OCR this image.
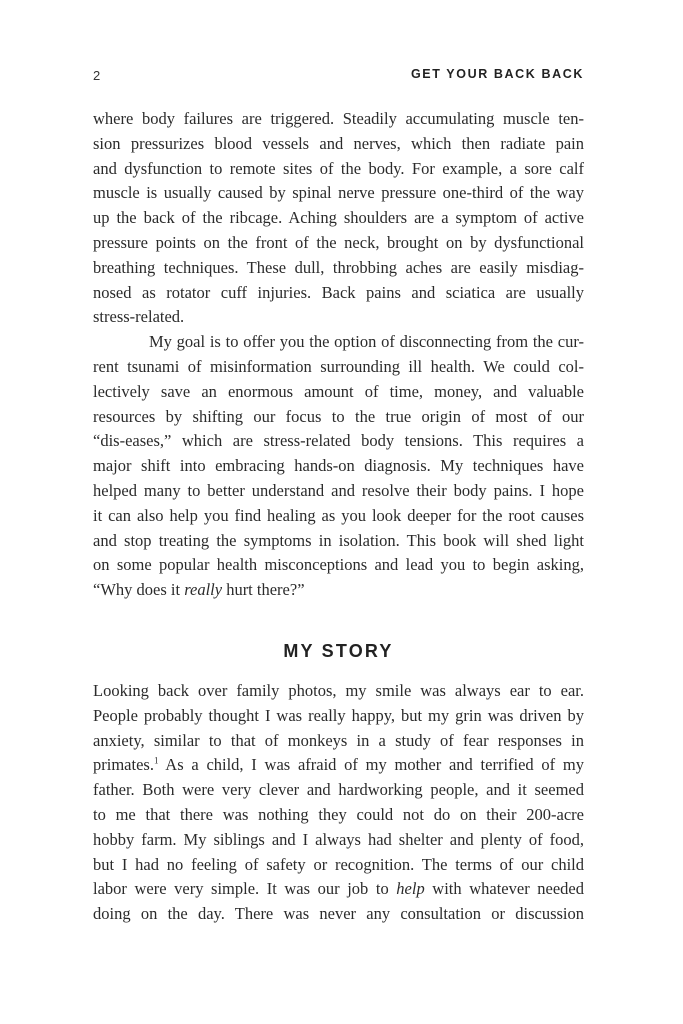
2	GET YOUR BACK BACK

where body failures are triggered. Steadily accumulating muscle ten-
sion pressurizes blood vessels and nerves, which then radiate pain
and dysfunction to remote sites of the body. For example, a sore calf
muscle is usually caused by spinal nerve pressure one-third of the way
up the back of the ribcage. Aching shoulders are a symptom of active
pressure points on the front of the neck, brought on by dysfunctional
breathing techniques. These dull, throbbing aches are easily misdiag-
nosed as rotator cuff injuries. Back pains and sciatica are usually
stress-related.

My goal is to offer you the option of disconnecting from the cur-
rent tsunami of misinformation surrounding ill health. We could col-
lectively save an enormous amount of time, money, and valuable
resources by shifting our focus to the true origin of most of our
“dis-eases,” which are stress-related body tensions. This requires a
major shift into embracing hands-on diagnosis. My techniques have
helped many to better understand and resolve their body pains. I hope
it can also help you find healing as you look deeper for the root causes
and stop treating the symptoms in isolation. This book will shed light
on some popular health misconceptions and lead you to begin asking,
“Why does it really hurt there?”

MY STORY

Looking back over family photos, my smile was always ear to ear.
People probably thought I was really happy, but my grin was driven by
anxiety, similar to that of monkeys in a study of fear responses in
primates.$^1$ As a child, I was afraid of my mother and terrified of my
father. Both were very clever and hardworking people, and it seemed
to me that there was nothing they could not do on their 200-acre
hobby farm. My siblings and I always had shelter and plenty of food,
but I had no feeling of safety or recognition. The terms of our child
labor were very simple. It was our job to help with whatever needed
doing on the day. There was never any consultation or discussion
